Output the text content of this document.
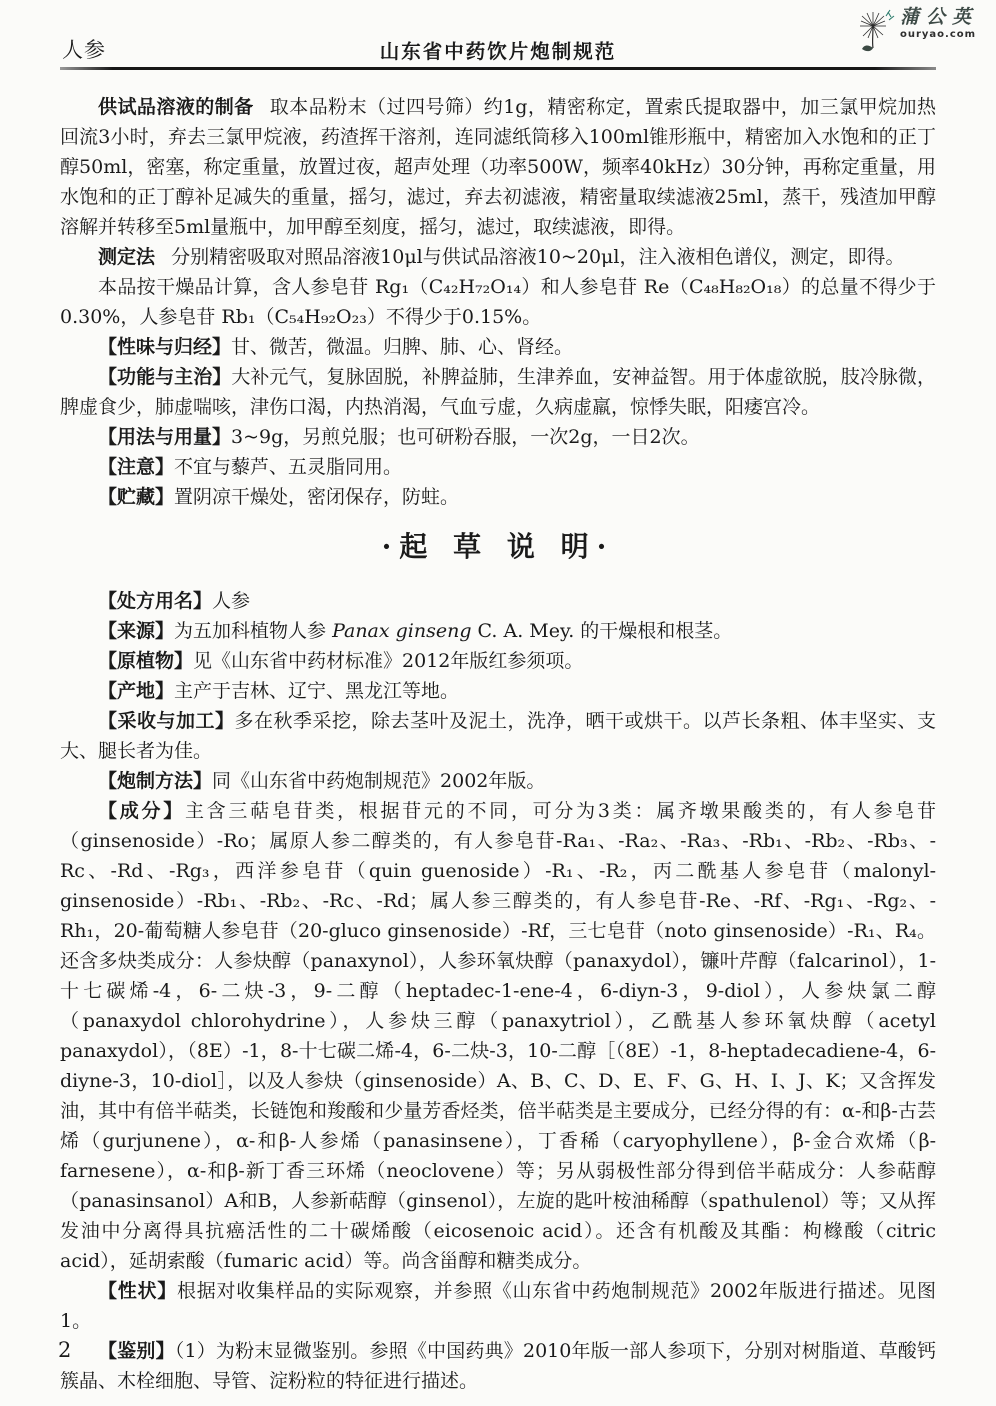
蒲公英
ouryao.com
人参	山东省中药饮片炮制规范

供试品溶液的制备 取本品粉末（过四号筛）约1g，精密称定，置索氏提取器中，加三氯甲烷加热回流3小时，弃去三氯甲烷液，药渣挥干溶剂，连同滤纸筒移入100ml锥形瓶中，精密加入水饱和的正丁醇50ml，密塞，称定重量，放置过夜，超声处理（功率500W，频率40kHz）30分钟，再称定重量，用水饱和的正丁醇补足减失的重量，摇匀，滤过，弃去初滤液，精密量取续滤液25ml，蒸干，残渣加甲醇溶解并转移至5ml量瓶中，加甲醇至刻度，摇匀，滤过，取续滤液，即得。

测定法 分别精密吸取对照品溶液10μl与供试品溶液10~20μl，注入液相色谱仪，测定，即得。

本品按干燥品计算，含人参皂苷 Rg₁（C₄₂H₇₂O₁₄）和人参皂苷 Re（C₄₈H₈₂O₁₈）的总量不得少于0.30%，人参皂苷 Rb₁（C₅₄H₉₂O₂₃）不得少于0.15%。

【性味与归经】甘、微苦，微温。归脾、肺、心、肾经。

【功能与主治】大补元气，复脉固脱，补脾益肺，生津养血，安神益智。用于体虚欲脱，肢冷脉微，脾虚食少，肺虚喘咳，津伤口渴，内热消渴，气血亏虚，久病虚羸，惊悸失眠，阳痿宫冷。

【用法与用量】3~9g，另煎兑服；也可研粉吞服，一次2g，一日2次。

【注意】不宜与藜芦、五灵脂同用。

【贮藏】置阴凉干燥处，密闭保存，防蛀。

·起 草 说 明·

【处方用名】人参

【来源】为五加科植物人参 Panax ginseng C. A. Mey. 的干燥根和根茎。

【原植物】见《山东省中药材标准》2012年版红参须项。

【产地】主产于吉林、辽宁、黑龙江等地。

【采收与加工】多在秋季采挖，除去茎叶及泥土，洗净，晒干或烘干。以芦长条粗、体丰坚实、支大、腿长者为佳。

【炮制方法】同《山东省中药炮制规范》2002年版。

【成分】主含三萜皂苷类，根据苷元的不同，可分为3类：属齐墩果酸类的，有人参皂苷（ginsenoside）-Ro；属原人参二醇类的，有人参皂苷-Ra₁、-Ra₂、-Ra₃、-Rb₁、-Rb₂、-Rb₃、-Rc、-Rd、-Rg₃，西洋参皂苷（quin guenoside）-R₁、-R₂，丙二酰基人参皂苷（malonyl-ginsenoside）-Rb₁、-Rb₂、-Rc、-Rd；属人参三醇类的，有人参皂苷-Re、-Rf、-Rg₁、-Rg₂、-Rh₁，20-葡萄糖人参皂苷（20-gluco ginsenoside）-Rf，三七皂苷（noto ginsenoside）-R₁、R₄。还含多炔类成分：人参炔醇（panaxynol），人参环氧炔醇（panaxydol），镰叶芹醇（falcarinol），1-十七碳烯-4，6-二炔-3，9-二醇（heptadec-1-ene-4，6-diyn-3，9-diol），人参炔氯二醇（panaxydol chlorohydrine），人参炔三醇（panaxytriol），乙酰基人参环氧炔醇（acetyl panaxydol），（8E）-1，8-十七碳二烯-4，6-二炔-3，10-二醇［（8E）-1，8-heptadecadiene-4，6-diyne-3，10-diol］，以及人参炔（ginsenoside）A、B、C、D、E、F、G、H、I、J、K；又含挥发油，其中有倍半萜类，长链饱和羧酸和少量芳香烃类，倍半萜类是主要成分，已经分得的有：α-和β-古芸烯（gurjunene），α-和β-人参烯（panasinsene），丁香稀（caryophyllene），β-金合欢烯（β-farnesene），α-和β-新丁香三环烯（neoclovene）等；另从弱极性部分得到倍半萜成分：人参萜醇（panasinsanol）A和B，人参新萜醇（ginsenol），左旋的匙叶桉油稀醇（spathulenol）等；又从挥发油中分离得具抗癌活性的二十碳烯酸（eicosenoic acid）。还含有机酸及其酯：枸橼酸（citric acid），延胡索酸（fumaric acid）等。尚含甾醇和糖类成分。

【性状】根据对收集样品的实际观察，并参照《山东省中药炮制规范》2002年版进行描述。见图1。

【鉴别】（1）为粉末显微鉴别。参照《中国药典》2010年版一部人参项下，分别对树脂道、草酸钙簇晶、木栓细胞、导管、淀粉粒的特征进行描述。

2
